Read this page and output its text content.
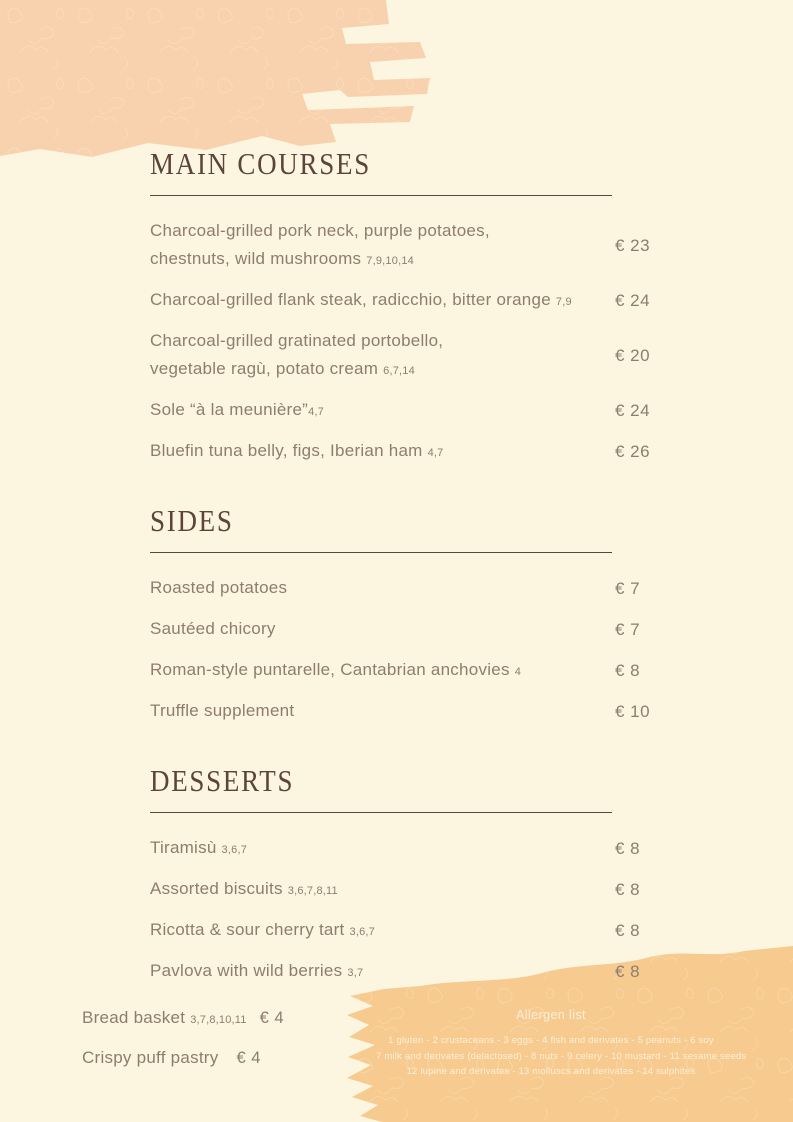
MAIN COURSES
Charcoal-grilled pork neck, purple potatoes,
chestnuts, wild mushrooms 7,9,10,14
€ 23
Charcoal-grilled flank steak, radicchio, bitter orange 7,9	€ 24
Charcoal-grilled gratinated portobello,
vegetable ragù, potato cream 6,7,14
€ 20
Sole “à la meunière”4,7	€ 24
Bluefin tuna belly, figs, Iberian ham 4,7	€ 26
SIDES
Roasted potatoes	€ 7
Sautéed chicory	€ 7
Roman-style puntarelle, Cantabrian anchovies 4	€ 8
Truffle supplement	€ 10
DESSERTS
Tiramisù 3,6,7	€ 8
Assorted biscuits 3,6,7,8,11	€ 8
Ricotta & sour cherry tart 3,6,7	€ 8
Pavlova with wild berries 3,7	€ 8
Bread basket 3,7,8,10,11 € 4
Crispy puff pastry € 4
Allergen list
1 gluten - 2 crustaceans - 3 eggs - 4 fish and derivates - 5 peanuts - 6 soy
7 milk and derivates (delactosed) - 8 nuts - 9 celery - 10 mustard - 11 sesame seeds
12 lupine and derivates - 13 molluscs and derivates - 14 sulphites
